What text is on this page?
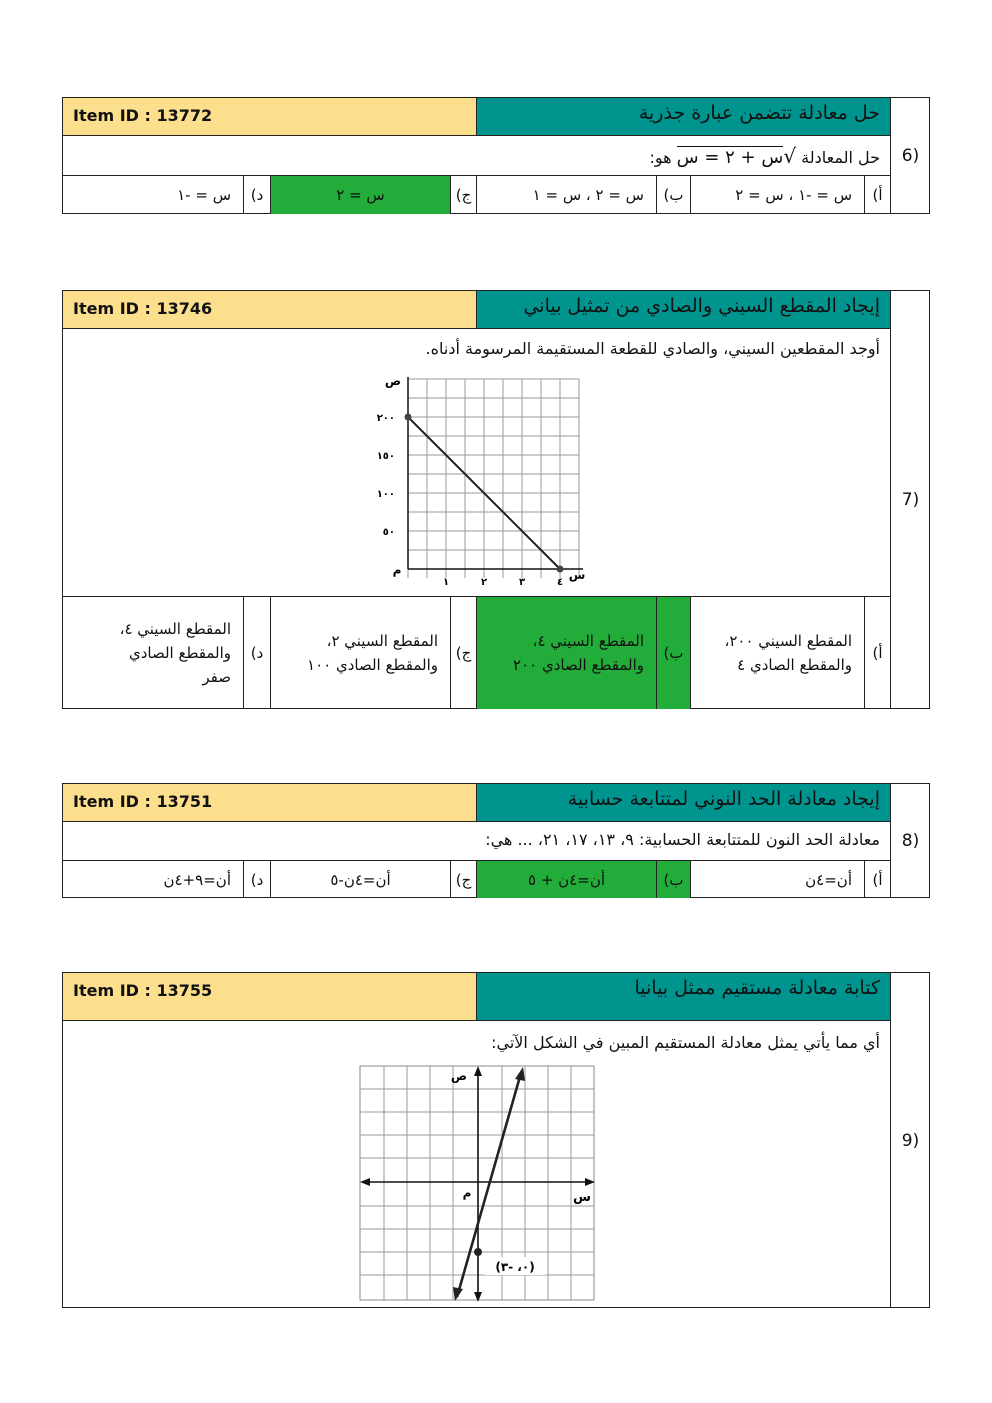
Item ID : 13772	حل معادلة تتضمن عبارة جذرية
6)
حل المعادلة √س + ٢ = س هو:
أ)
س = -١ ، س = ٢
ب)
س = ٢ ، س = ١
ج)
س = ٢
د)
س = -١
Item ID : 13746	إيجاد المقطع السيني والصادي من تمثيل بياني
7)
أوجد المقطعين السيني، والصادي للقطعة المستقيمة المرسومة أدناه.
ص
م	س
٥٠
١٠٠
١٥٠
٢٠٠
١	٢	٣	٤
أ)
المقطع السيني ٢٠٠،
والمقطع الصادي ٤
ب)
المقطع السيني ٤،
والمقطع الصادي ٢٠٠
ج)
المقطع السيني ٢،
والمقطع الصادي ١٠٠
د)
المقطع السيني ٤،
والمقطع الصادي
صفر
Item ID : 13751	إيجاد معادلة الحد النوني لمتتابعة حسابية
8)
معادلة الحد النون للمتتابعة الحسابية: ٩، ١٣، ١٧، ٢١، ... هي:
أ)
أن=٤ن
ب)
أن=٤ن + ٥
ج)
أن=٤ن-٥
د)
أن=٩+٤ن
Item ID : 13755	كتابة معادلة مستقيم ممثل بيانيا
9)
أي مما يأتي يمثل معادلة المستقيم المبين في الشكل الآتي:
ص
م	س
(٠، -٣)
